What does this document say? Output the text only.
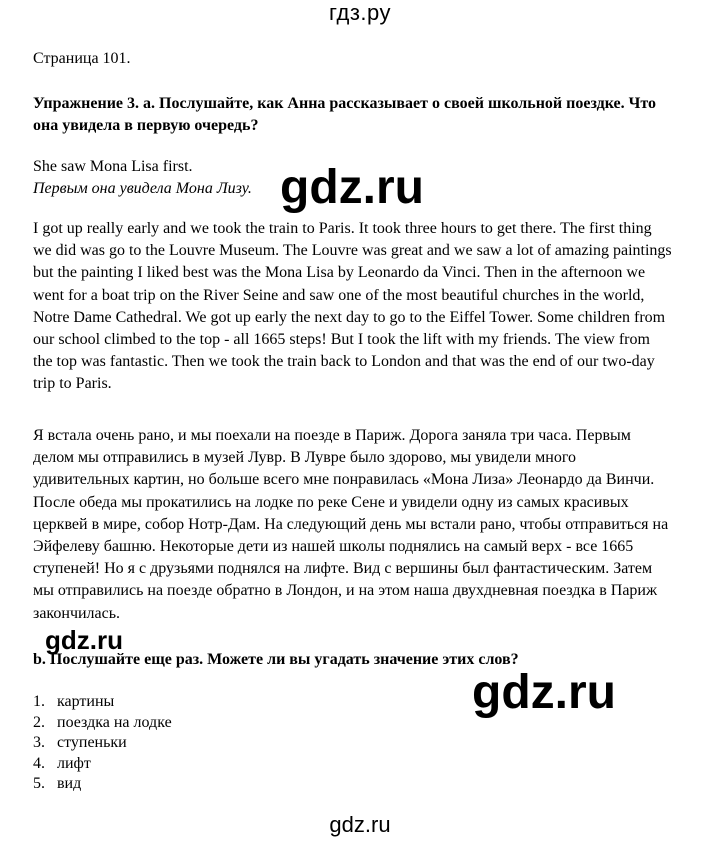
гдз.ру
Страница 101.
Упражнение 3. a. Послушайте, как Анна рассказывает о своей школьной поездке. Что она увидела в первую очередь?
She saw Mona Lisa first.
Первым она увидела Мона Лизу.
I got up really early and we took the train to Paris. It took three hours to get there. The first thing we did was go to the Louvre Museum. The Louvre was great and we saw a lot of amazing paintings but the painting I liked best was the Mona Lisa by Leonardo da Vinci. Then in the afternoon we went for a boat trip on the River Seine and saw one of the most beautiful churches in the world, Notre Dame Cathedral. We got up early the next day to go to the Eiffel Tower. Some children from our school climbed to the top - all 1665 steps! But I took the lift with my friends. The view from the top was fantastic. Then we took the train back to London and that was the end of our two-day trip to Paris.
Я встала очень рано, и мы поехали на поезде в Париж. Дорога заняла три часа. Первым делом мы отправились в музей Лувр. В Лувре было здорово, мы увидели много удивительных картин, но больше всего мне понравилась «Мона Лиза» Леонардо да Винчи. После обеда мы прокатились на лодке по реке Сене и увидели одну из самых красивых церквей в мире, собор Нотр-Дам. На следующий день мы встали рано, чтобы отправиться на Эйфелеву башню. Некоторые дети из нашей школы поднялись на самый верх - все 1665 ступеней! Но я с друзьями поднялся на лифте. Вид с вершины был фантастическим. Затем мы отправились на поезде обратно в Лондон, и на этом наша двухдневная поездка в Париж закончилась.
b. Послушайте еще раз. Можете ли вы угадать значение этих слов?
1. картины
2. поездка на лодке
3. ступеньки
4. лифт
5. вид
gdz.ru
gdz.ru
gdz.ru
gdz.ru
